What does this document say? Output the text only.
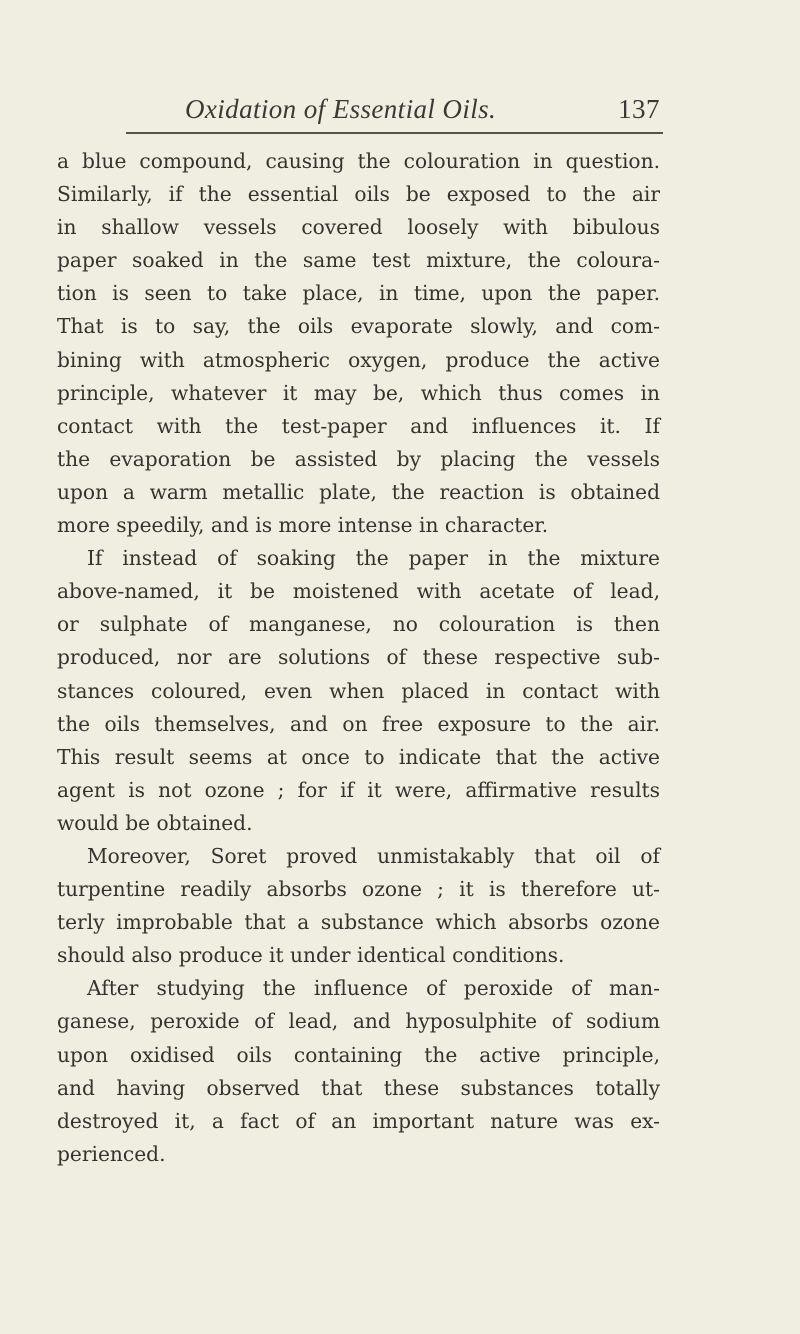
Oxidation of Essential Oils.	137
a blue compound, causing the colouration in question.
Similarly, if the essential oils be exposed to the air
in shallow vessels covered loosely with bibulous
paper soaked in the same test mixture, the coloura-
tion is seen to take place, in time, upon the paper.
That is to say, the oils evaporate slowly, and com-
bining with atmospheric oxygen, produce the active
principle, whatever it may be, which thus comes in
contact with the test-paper and influences it. If
the evaporation be assisted by placing the vessels
upon a warm metallic plate, the reaction is obtained
more speedily, and is more intense in character.
If instead of soaking the paper in the mixture
above-named, it be moistened with acetate of lead,
or sulphate of manganese, no colouration is then
produced, nor are solutions of these respective sub-
stances coloured, even when placed in contact with
the oils themselves, and on free exposure to the air.
This result seems at once to indicate that the active
agent is not ozone ; for if it were, affirmative results
would be obtained.
Moreover, Soret proved unmistakably that oil of
turpentine readily absorbs ozone ; it is therefore ut-
terly improbable that a substance which absorbs ozone
should also produce it under identical conditions.
After studying the influence of peroxide of man-
ganese, peroxide of lead, and hyposulphite of sodium
upon oxidised oils containing the active principle,
and having observed that these substances totally
destroyed it, a fact of an important nature was ex-
perienced.
